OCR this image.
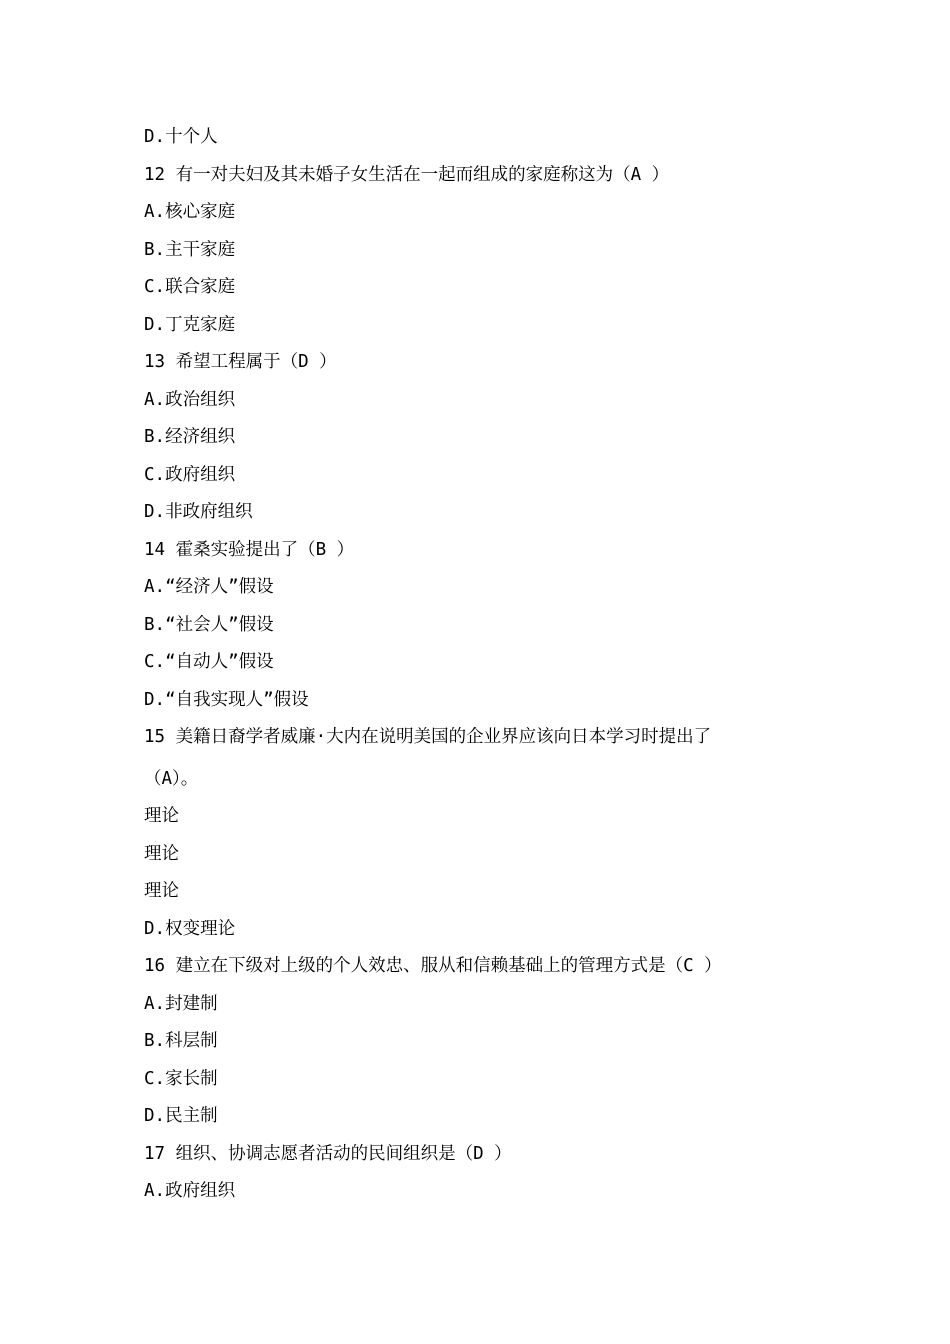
D.十个人
12 有一对夫妇及其未婚子女生活在一起而组成的家庭称这为（A ）
A.核心家庭
B.主干家庭
C.联合家庭
D.丁克家庭
13 希望工程属于（D ）
A.政治组织
B.经济组织
C.政府组织
D.非政府组织
14 霍桑实验提出了（B ）
A.“经济人”假设
B.“社会人”假设
C.“自动人”假设
D.“自我实现人”假设
15 美籍日裔学者威廉·大内在说明美国的企业界应该向日本学习时提出了
（A）。
理论
理论
理论
D.权变理论
16 建立在下级对上级的个人效忠、服从和信赖基础上的管理方式是（C ）
A.封建制
B.科层制
C.家长制
D.民主制
17 组织、协调志愿者活动的民间组织是（D ）
A.政府组织
